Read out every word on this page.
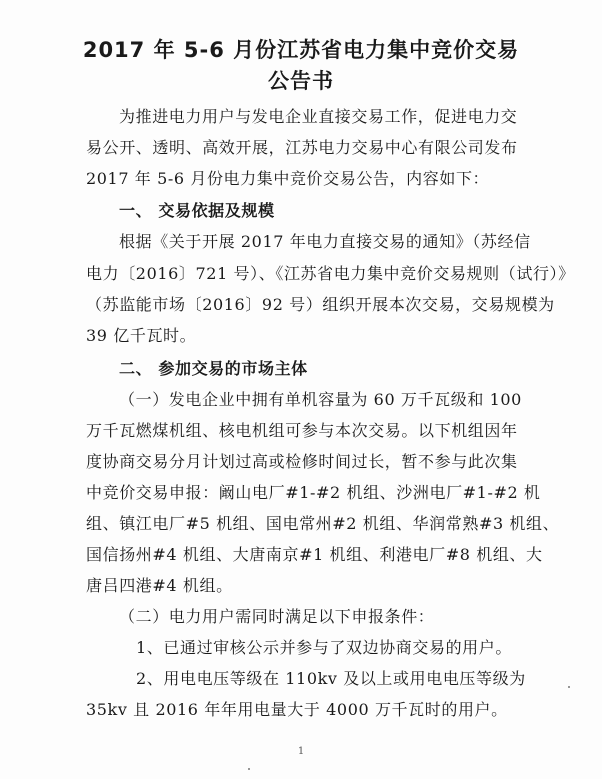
2017 年 5-6 月份江苏省电力集中竞价交易
公告书
为推进电力用户与发电企业直接交易工作，促进电力交
易公开、透明、高效开展，江苏电力交易中心有限公司发布
2017 年 5-6 月份电力集中竞价交易公告，内容如下：
一、 交易依据及规模
根据《关于开展 2017 年电力直接交易的通知》（苏经信
电力〔2016〕721 号）、《江苏省电力集中竞价交易规则（试行）》
（苏监能市场〔2016〕92 号）组织开展本次交易，交易规模为
39 亿千瓦时。
二、 参加交易的市场主体
（一）发电企业中拥有单机容量为 60 万千瓦级和 100
万千瓦燃煤机组、核电机组可参与本次交易。以下机组因年
度协商交易分月计划过高或检修时间过长，暂不参与此次集
中竞价交易申报：阚山电厂#1-#2 机组、沙洲电厂#1-#2 机
组、镇江电厂#5 机组、国电常州#2 机组、华润常熟#3 机组、
国信扬州#4 机组、大唐南京#1 机组、利港电厂#8 机组、大
唐吕四港#4 机组。
（二）电力用户需同时满足以下申报条件：
1、已通过审核公示并参与了双边协商交易的用户。
2、用电电压等级在 110kv 及以上或用电电压等级为
35kv 且 2016 年年用电量大于 4000 万千瓦时的用户。
1
